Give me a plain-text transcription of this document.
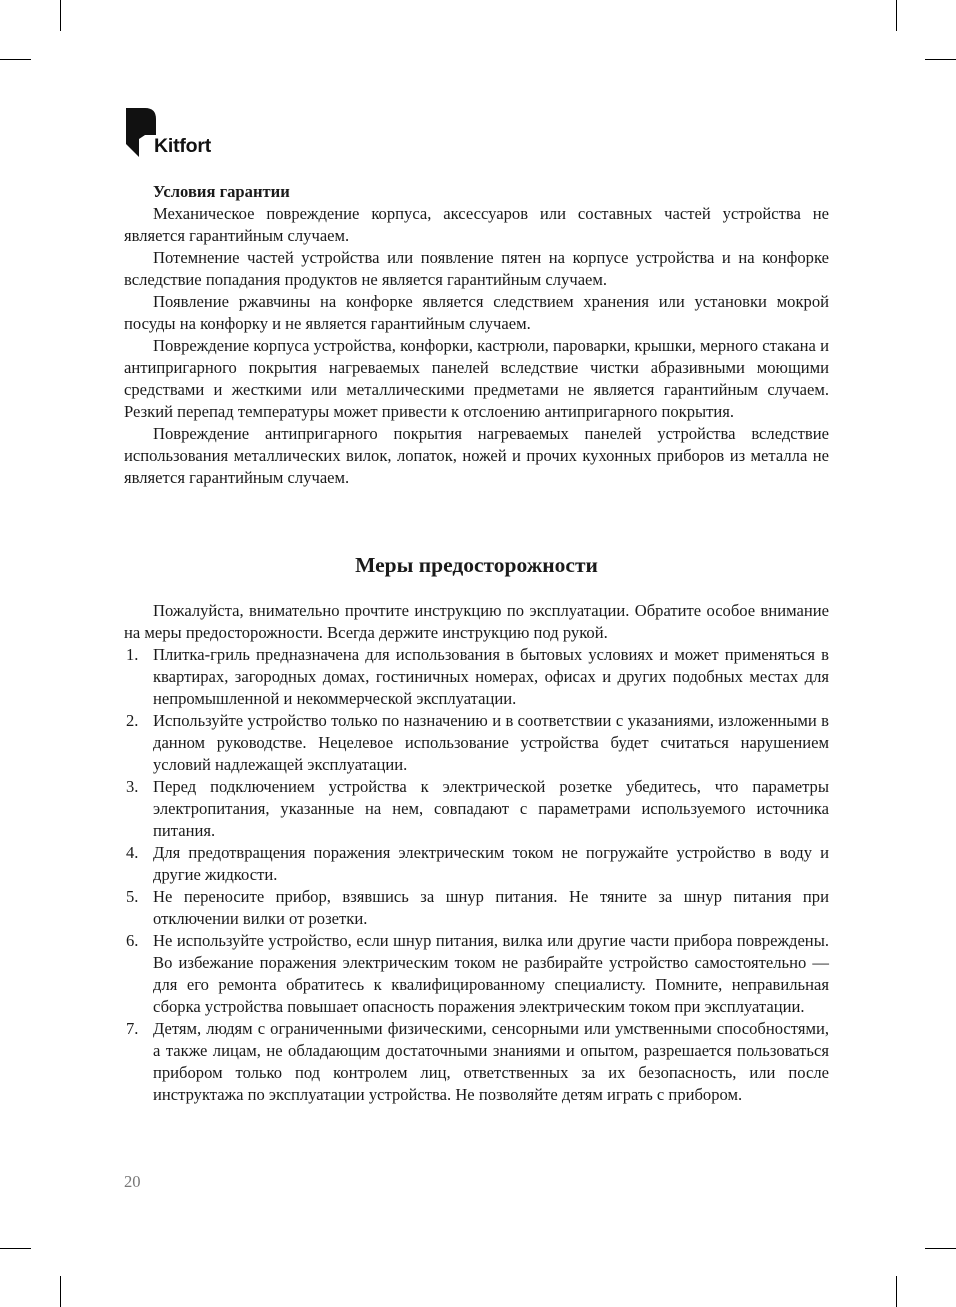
Kitfort
Условия гарантии

Механическое повреждение корпуса, аксессуаров или составных частей устройства не является гарантийным случаем.

Потемнение частей устройства или появление пятен на корпусе устройства и на конфорке вследствие попадания продуктов не является гарантийным случаем.

Появление ржавчины на конфорке является следствием хранения или установки мокрой посуды на конфорку и не является гарантийным случаем.

Повреждение корпуса устройства, конфорки, кастрюли, пароварки, крышки, мерного стакана и антипригарного покрытия нагреваемых панелей вследствие чистки абразивными моющими средствами и жесткими или металлическими предметами не является гарантийным случаем. Резкий перепад температуры может привести к отслоению антипригарного покрытия.

Повреждение антипригарного покрытия нагреваемых панелей устройства вследствие использования металлических вилок, лопаток, ножей и прочих кухонных приборов из металла не является гарантийным случаем.

Меры предосторожности

Пожалуйста, внимательно прочтите инструкцию по эксплуатации. Обратите особое внимание на меры предосторожности. Всегда держите инструкцию под рукой.

1. Плитка-гриль предназначена для использования в бытовых условиях и может применяться в квартирах, загородных домах, гостиничных номерах, офисах и других подобных местах для непромышленной и некоммерческой эксплуатации.
2. Используйте устройство только по назначению и в соответствии с указаниями, изложенными в данном руководстве. Нецелевое использование устройства будет считаться нарушением условий надлежащей эксплуатации.
3. Перед подключением устройства к электрической розетке убедитесь, что параметры электропитания, указанные на нем, совпадают с параметрами используемого источника питания.
4. Для предотвращения поражения электрическим током не погружайте устройство в воду и другие жидкости.
5. Не переносите прибор, взявшись за шнур питания. Не тяните за шнур питания при отключении вилки от розетки.
6. Не используйте устройство, если шнур питания, вилка или другие части прибора повреждены. Во избежание поражения электрическим током не разбирайте устройство самостоятельно — для его ремонта обратитесь к квалифицированному специалисту. Помните, неправильная сборка устройства повышает опасность поражения электрическим током при эксплуатации.
7. Детям, людям с ограниченными физическими, сенсорными или умственными способностями, а также лицам, не обладающим достаточными знаниями и опытом, разрешается пользоваться прибором только под контролем лиц, ответственных за их безопасность, или после инструктажа по эксплуатации устройства. Не позволяйте детям играть с прибором.
20
